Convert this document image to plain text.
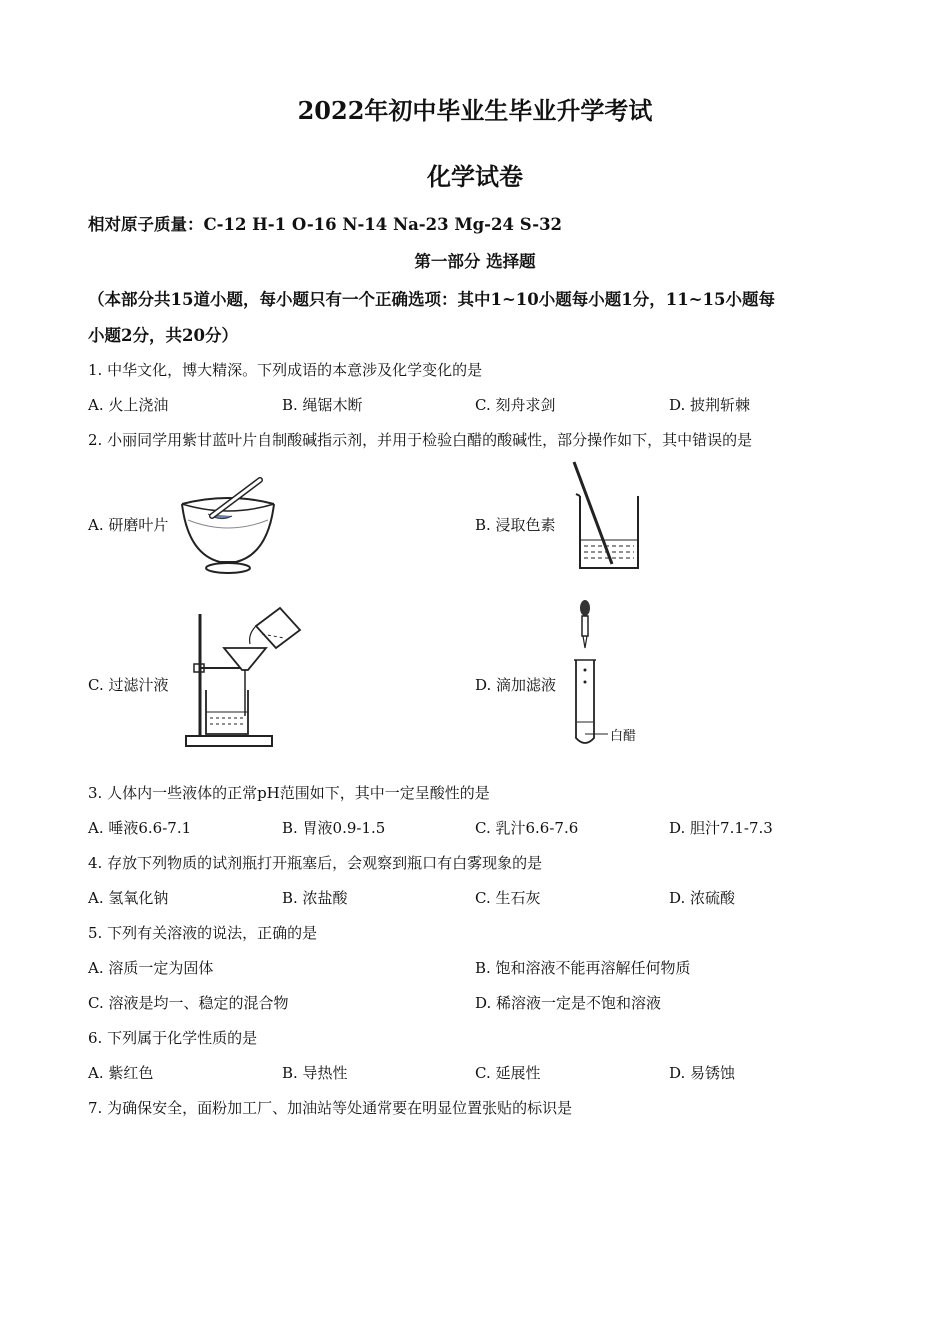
2022年初中毕业生毕业升学考试
化学试卷
相对原子质量：C-12 H-1 O-16 N-14 Na-23 Mg-24 S-32
第一部分 选择题
（本部分共15道小题，每小题只有一个正确选项：其中1~10小题每小题1分，11~15小题每
小题2分，共20分）
1. 中华文化，博大精深。下列成语的本意涉及化学变化的是
A. 火上浇油	B. 绳锯木断	C. 刻舟求剑	D. 披荆斩棘
2. 小丽同学用紫甘蓝叶片自制酸碱指示剂，并用于检验白醋的酸碱性，部分操作如下，其中错误的是
A. 研磨叶片	B. 浸取色素
C. 过滤汁液	D. 滴加滤液
白醋
3. 人体内一些液体的正常pH范围如下，其中一定呈酸性的是
A. 唾液6.6-7.1	B. 胃液0.9-1.5	C. 乳汁6.6-7.6	D. 胆汁7.1-7.3
4. 存放下列物质的试剂瓶打开瓶塞后，会观察到瓶口有白雾现象的是
A. 氢氧化钠	B. 浓盐酸	C. 生石灰	D. 浓硫酸
5. 下列有关溶液的说法，正确的是
A. 溶质一定为固体	B. 饱和溶液不能再溶解任何物质
C. 溶液是均一、稳定的混合物	D. 稀溶液一定是不饱和溶液
6. 下列属于化学性质的是
A. 紫红色	B. 导热性	C. 延展性	D. 易锈蚀
7. 为确保安全，面粉加工厂、加油站等处通常要在明显位置张贴的标识是
